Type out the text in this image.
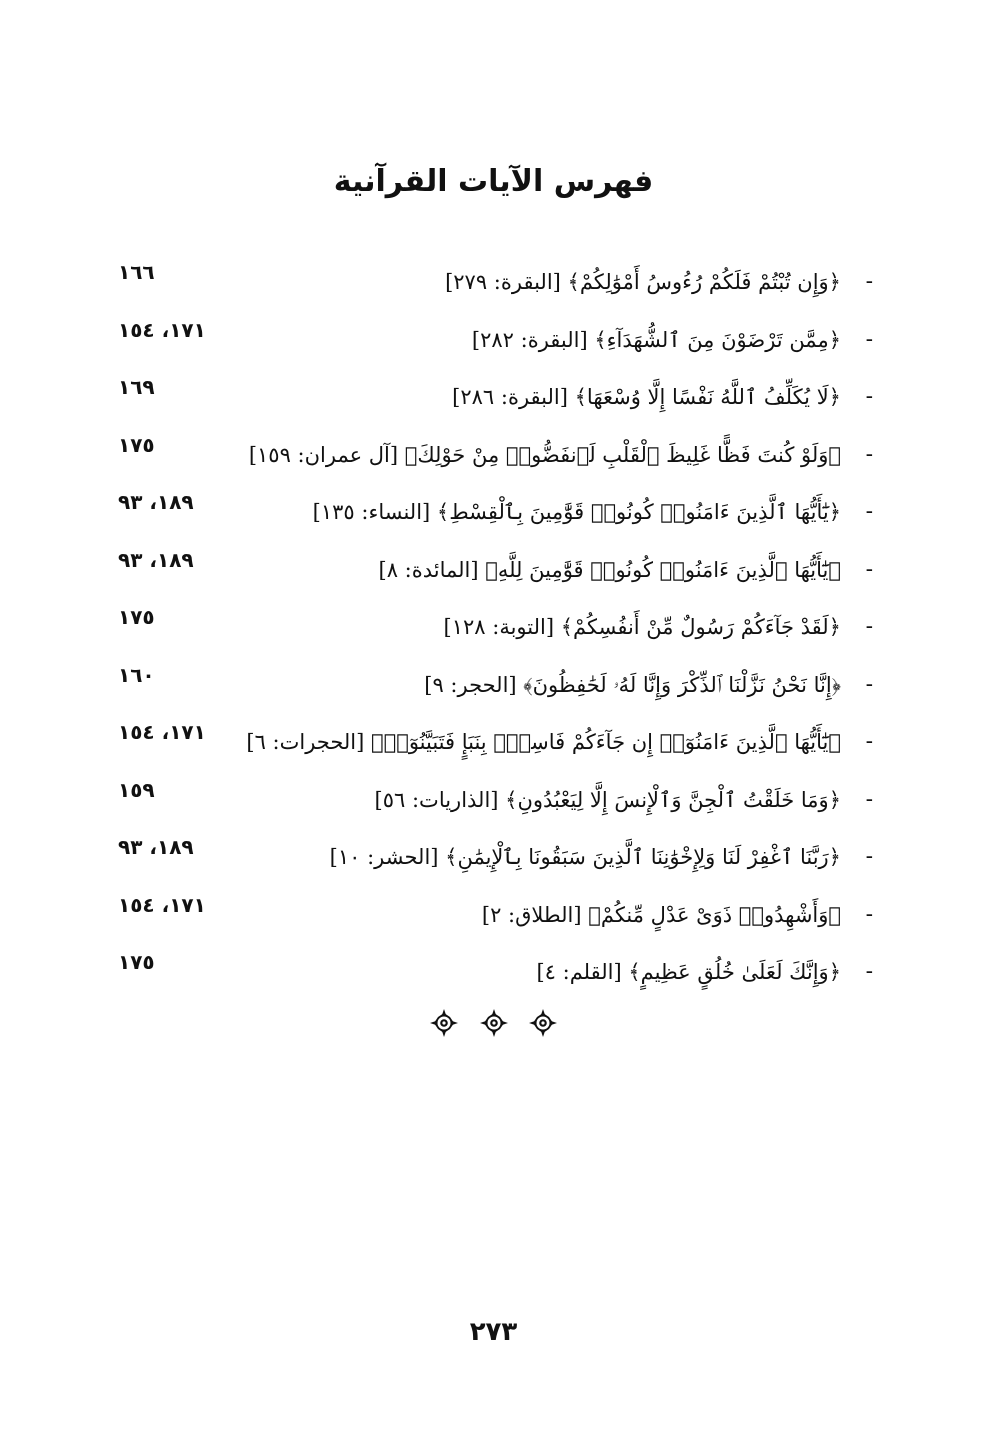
فهرس الآيات القرآنية
-
﴿وَإِن تُبْتُمْ فَلَكُمْ رُءُوسُ أَمْوَٰلِكُمْ﴾ [البقرة: ٢٧٩]
١٦٦
-
﴿مِمَّن تَرْضَوْنَ مِنَ ٱلشُّهَدَآءِ﴾ [البقرة: ٢٨٢]
١٧١، ١٥٤
-
﴿لَا يُكَلِّفُ ٱللَّهُ نَفْسًا إِلَّا وُسْعَهَا﴾ [البقرة: ٢٨٦]
١٦٩
-
﴿وَلَوْ كُنتَ فَظًّا غَلِيظَ ٱلْقَلْبِ لَٱنفَضُّوا۟ مِنْ حَوْلِكَ﴾ [آل عمران: ١٥٩]
١٧٥
-
﴿يَٰٓأَيُّهَا ٱلَّذِينَ ءَامَنُوا۟ كُونُوا۟ قَوَّٰمِينَ بِٱلْقِسْطِ﴾ [النساء: ١٣٥]
١٨٩، ٩٣
-
﴿يَٰٓأَيُّهَا ٱلَّذِينَ ءَامَنُوا۟ كُونُوا۟ قَوَّٰمِينَ لِلَّهِ﴾ [المائدة: ٨]
١٨٩، ٩٣
-
﴿لَقَدْ جَآءَكُمْ رَسُولٌ مِّنْ أَنفُسِكُمْ﴾ [التوبة: ١٢٨]
١٧٥
-
﴿إِنَّا نَحْنُ نَزَّلْنَا ٱلذِّكْرَ وَإِنَّا لَهُۥ لَحَٰفِظُونَ﴾ [الحجر: ٩]
١٦٠
-
﴿يَٰٓأَيُّهَا ٱلَّذِينَ ءَامَنُوٓا۟ إِن جَآءَكُمْ فَاسِقٌۢ بِنَبَإٍ فَتَبَيَّنُوٓا۟﴾ [الحجرات: ٦]
١٧١، ١٥٤
-
﴿وَمَا خَلَقْتُ ٱلْجِنَّ وَٱلْإِنسَ إِلَّا لِيَعْبُدُونِ﴾ [الذاريات: ٥٦]
١٥٩
-
﴿رَبَّنَا ٱغْفِرْ لَنَا وَلِإِخْوَٰنِنَا ٱلَّذِينَ سَبَقُونَا بِٱلْإِيمَٰنِ﴾ [الحشر: ١٠]
١٨٩، ٩٣
-
﴿وَأَشْهِدُوا۟ ذَوَىْ عَدْلٍ مِّنكُمْ﴾ [الطلاق: ٢]
١٧١، ١٥٤
-
﴿وَإِنَّكَ لَعَلَىٰ خُلُقٍ عَظِيمٍ﴾ [القلم: ٤]
١٧٥

٢٧٣
